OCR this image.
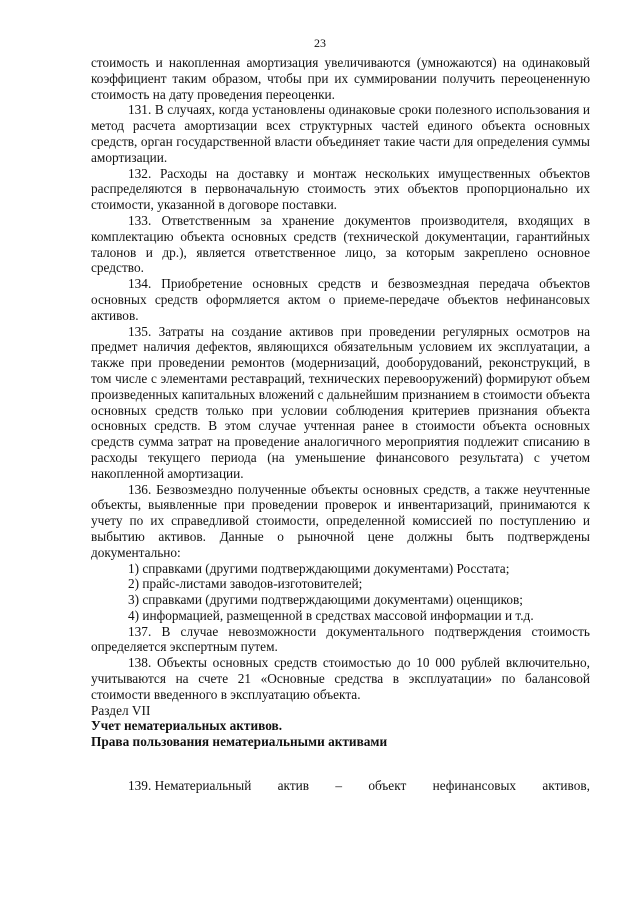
23

стоимость и накопленная амортизация увеличиваются (умножаются) на одинаковый коэффициент таким образом, чтобы при их суммировании получить переоцененную стоимость на дату проведения переоценки.

131. В случаях, когда установлены одинаковые сроки полезного использования и метод расчета амортизации всех структурных частей единого объекта основных средств, орган государственной власти объединяет такие части для определения суммы амортизации.

132. Расходы на доставку и монтаж нескольких имущественных объектов распределяются в первоначальную стоимость этих объектов пропорционально их стоимости, указанной в договоре поставки.

133. Ответственным за хранение документов производителя, входящих в комплектацию объекта основных средств (технической документации, гарантийных талонов и др.), является ответственное лицо, за которым закреплено основное средство.

134. Приобретение основных средств и безвозмездная передача объектов основных средств оформляется актом о приеме-передаче объектов нефинансовых активов.

135. Затраты на создание активов при проведении регулярных осмотров на предмет наличия дефектов, являющихся обязательным условием их эксплуатации, а также при проведении ремонтов (модернизаций, дооборудований, реконструкций, в том числе с элементами реставраций, технических перевооружений) формируют объем произведенных капитальных вложений с дальнейшим признанием в стоимости объекта основных средств только при условии соблюдения критериев признания объекта основных средств. В этом случае учтенная ранее в стоимости объекта основных средств сумма затрат на проведение аналогичного мероприятия подлежит списанию в расходы текущего периода (на уменьшение финансового результата) с учетом накопленной амортизации.

136. Безвозмездно полученные объекты основных средств, а также неучтенные объекты, выявленные при проведении проверок и инвентаризаций, принимаются к учету по их справедливой стоимости, определенной комиссией по поступлению и выбытию активов. Данные о рыночной цене должны быть подтверждены документально:

1) справками (другими подтверждающими документами) Росстата;

2) прайс-листами заводов-изготовителей;

3) справками (другими подтверждающими документами) оценщиков;

4) информацией, размещенной в средствах массовой информации и т.д.

137. В случае невозможности документального подтверждения стоимость определяется экспертным путем.

138. Объекты основных средств стоимостью до 10 000 рублей включительно, учитываются на счете 21 «Основные средства в эксплуатации» по балансовой стоимости введенного в эксплуатацию объекта.

Раздел VII

Учет нематериальных активов.

Права пользования нематериальными активами

139. Нематериальный актив – объект нефинансовых активов,
